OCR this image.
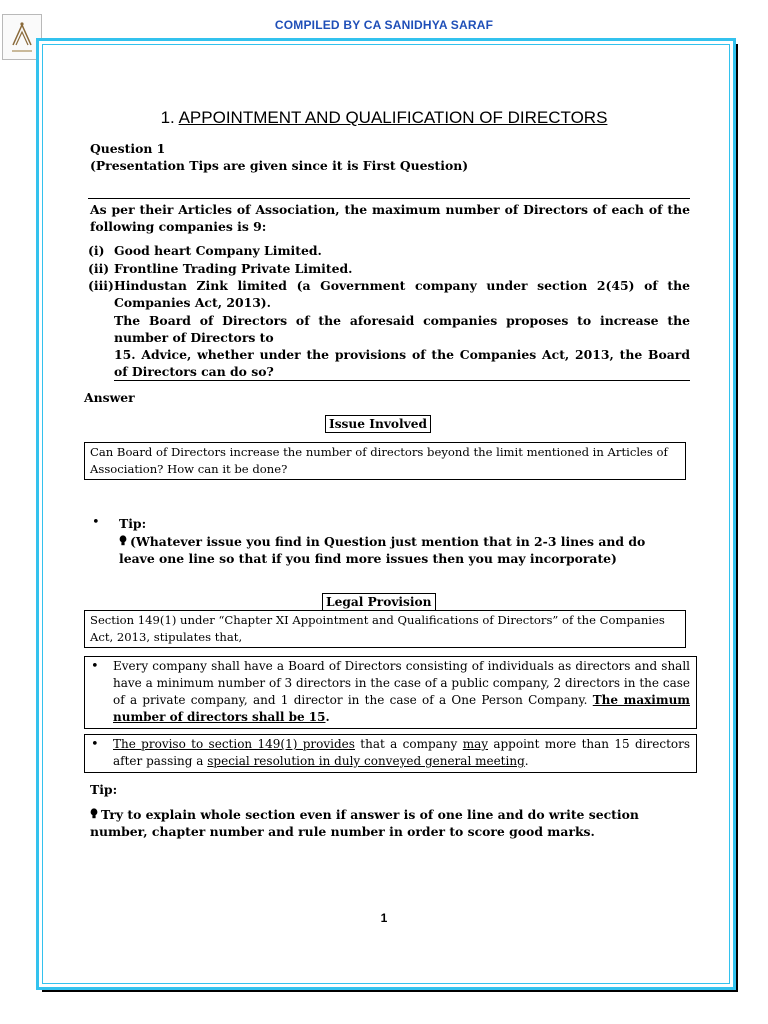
COMPILED BY CA SANIDHYA SARAF
1. APPOINTMENT AND QUALIFICATION OF DIRECTORS
Question 1
(Presentation Tips are given since it is First Question)
As per their Articles of Association, the maximum number of Directors of each of the following companies is 9:
(i) Good heart Company Limited.
(ii) Frontline Trading Private Limited.
(iii) Hindustan Zink limited (a Government company under section 2(45) of the Companies Act, 2013).
The Board of Directors of the aforesaid companies proposes to increase the number of Directors to
15. Advice, whether under the provisions of the Companies Act, 2013, the Board of Directors can do so?
Answer
Issue Involved
Can Board of Directors increase the number of directors beyond the limit mentioned in Articles of Association? How can it be done?
• Tip:
(Whatever issue you find in Question just mention that in 2-3 lines and do leave one line so that if you find more issues then you may incorporate)
Legal Provision
Section 149(1) under “Chapter XI Appointment and Qualifications of Directors” of the Companies Act, 2013, stipulates that,
• Every company shall have a Board of Directors consisting of individuals as directors and shall have a minimum number of 3 directors in the case of a public company, 2 directors in the case of a private company, and 1 director in the case of a One Person Company. The maximum number of directors shall be 15.
• The proviso to section 149(1) provides that a company may appoint more than 15 directors after passing a special resolution in duly conveyed general meeting.
Tip:
Try to explain whole section even if answer is of one line and do write section number, chapter number and rule number in order to score good marks.
1
